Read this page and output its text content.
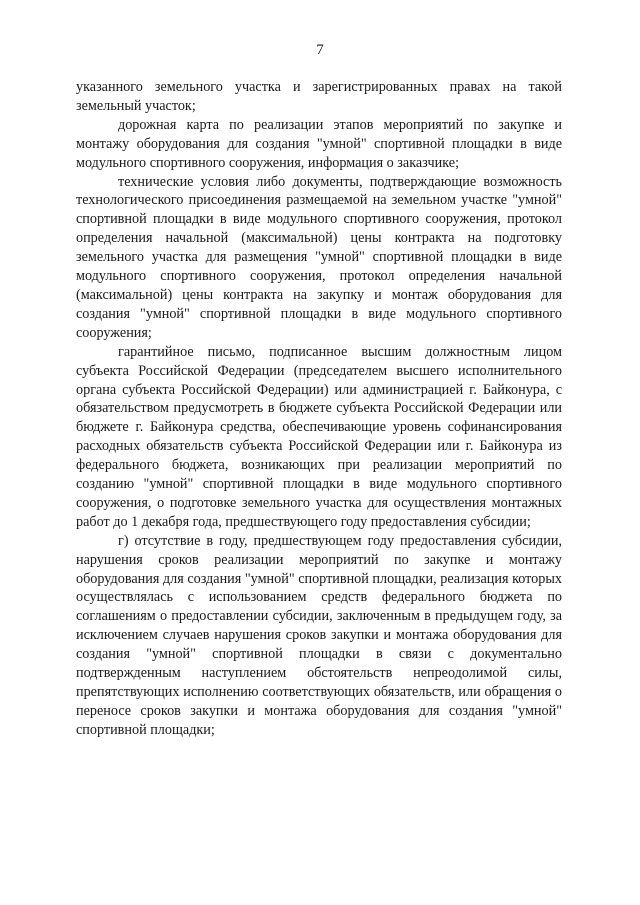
7

указанного земельного участка и зарегистрированных правах на такой земельный участок;

дорожная карта по реализации этапов мероприятий по закупке и монтажу оборудования для создания "умной" спортивной площадки в виде модульного спортивного сооружения, информация о заказчике;

технические условия либо документы, подтверждающие возможность технологического присоединения размещаемой на земельном участке "умной" спортивной площадки в виде модульного спортивного сооружения, протокол определения начальной (максимальной) цены контракта на подготовку земельного участка для размещения "умной" спортивной площадки в виде модульного спортивного сооружения, протокол определения начальной (максимальной) цены контракта на закупку и монтаж оборудования для создания "умной" спортивной площадки в виде модульного спортивного сооружения;

гарантийное письмо, подписанное высшим должностным лицом субъекта Российской Федерации (председателем высшего исполнительного органа субъекта Российской Федерации) или администрацией г. Байконура, с обязательством предусмотреть в бюджете субъекта Российской Федерации или бюджете г. Байконура средства, обеспечивающие уровень софинансирования расходных обязательств субъекта Российской Федерации или г. Байконура из федерального бюджета, возникающих при реализации мероприятий по созданию "умной" спортивной площадки в виде модульного спортивного сооружения, о подготовке земельного участка для осуществления монтажных работ до 1 декабря года, предшествующего году предоставления субсидии;

г) отсутствие в году, предшествующем году предоставления субсидии, нарушения сроков реализации мероприятий по закупке и монтажу оборудования для создания "умной" спортивной площадки, реализация которых осуществлялась с использованием средств федерального бюджета по соглашениям о предоставлении субсидии, заключенным в предыдущем году, за исключением случаев нарушения сроков закупки и монтажа оборудования для создания "умной" спортивной площадки в связи с документально подтвержденным наступлением обстоятельств непреодолимой силы, препятствующих исполнению соответствующих обязательств, или обращения о переносе сроков закупки и монтажа оборудования для создания "умной" спортивной площадки;
